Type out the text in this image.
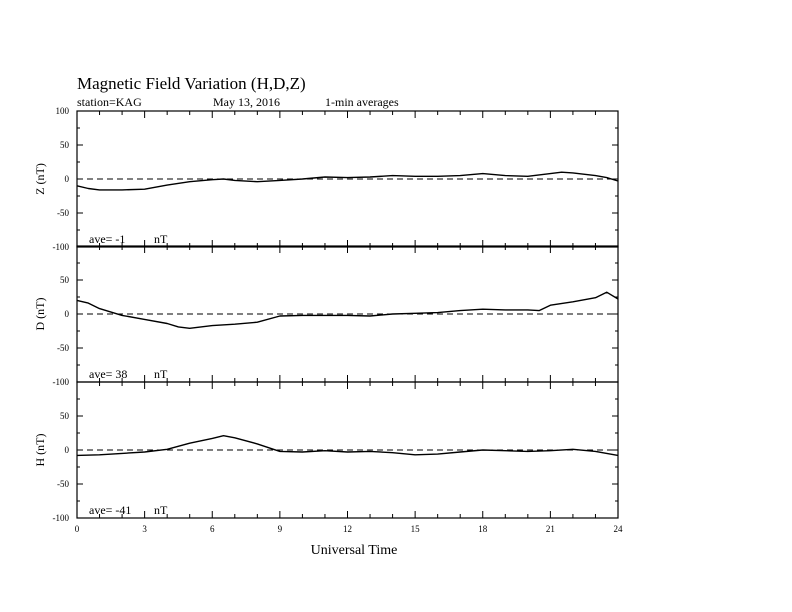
Magnetic Field Variation (H,D,Z)
station=KAG	May 13, 2016	1-min averages
Universal Time
100
50
0
-50
-100
Z (nT)
ave= -1 nT
50
0
-50
-100
D (nT)
ave= 38 nT
50
0
-50
-100
H (nT)
ave= -41 nT
0	3	6	9	12	15	18	21	24
